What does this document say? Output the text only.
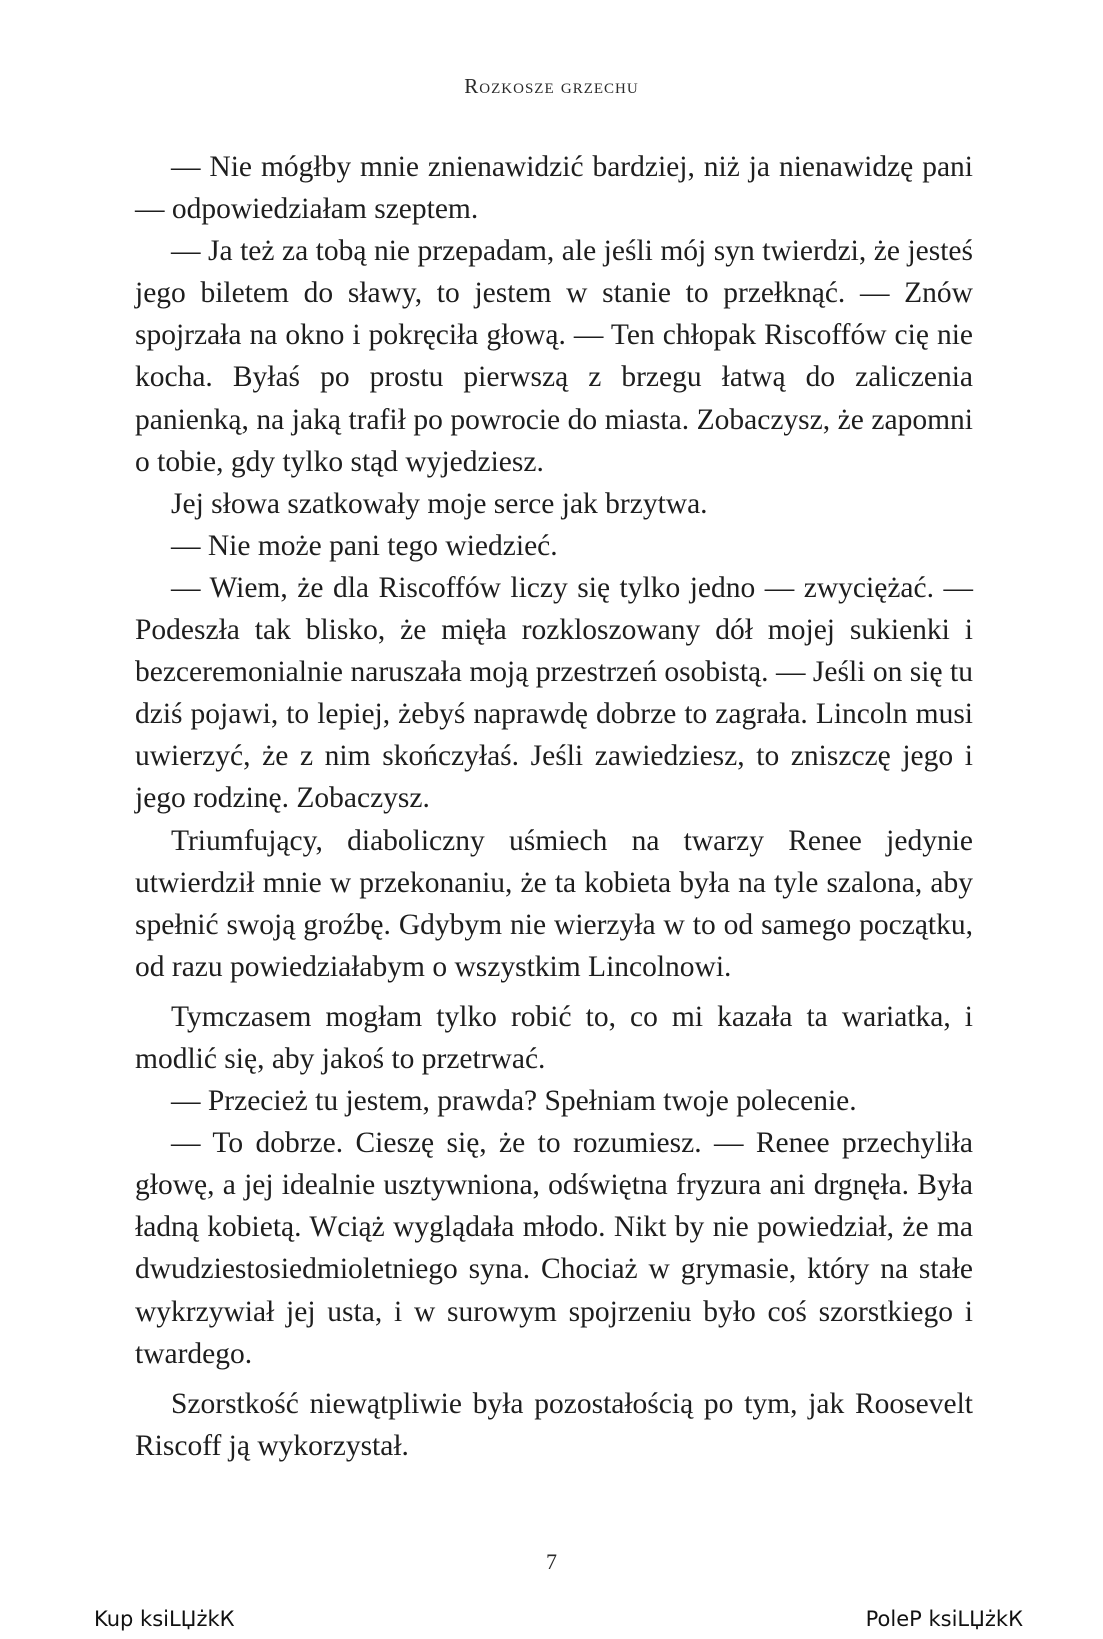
Rozkosze grzechu

— Nie mógłby mnie znienawidzić bardziej, niż ja nienawidzę pani — odpowiedziałam szeptem.

— Ja też za tobą nie przepadam, ale jeśli mój syn twierdzi, że jesteś jego biletem do sławy, to jestem w stanie to przełknąć. — Znów spojrzała na okno i pokręciła głową. — Ten chłopak Riscoffów cię nie kocha. Byłaś po prostu pierwszą z brzegu łatwą do zaliczenia panienką, na jaką trafił po powrocie do miasta. Zobaczysz, że zapomni o tobie, gdy tylko stąd wyjedziesz.

Jej słowa szatkowały moje serce jak brzytwa.

— Nie może pani tego wiedzieć.

— Wiem, że dla Riscoffów liczy się tylko jedno — zwyciężać. — Podeszła tak blisko, że mięła rozkloszowany dół mojej sukienki i bezceremonialnie naruszała moją przestrzeń osobistą. — Jeśli on się tu dziś pojawi, to lepiej, żebyś naprawdę dobrze to zagrała. Lincoln musi uwierzyć, że z nim skończyłaś. Jeśli zawiedziesz, to zniszczę jego i jego rodzinę. Zobaczysz.

Triumfujący, diaboliczny uśmiech na twarzy Renee jedynie utwierdził mnie w przekonaniu, że ta kobieta była na tyle szalona, aby spełnić swoją groźbę. Gdybym nie wierzyła w to od samego początku, od razu powiedziałabym o wszystkim Lincolnowi.

Tymczasem mogłam tylko robić to, co mi kazała ta wariatka, i modlić się, aby jakoś to przetrwać.

— Przecież tu jestem, prawda? Spełniam twoje polecenie.

— To dobrze. Cieszę się, że to rozumiesz. — Renee przechyliła głowę, a jej idealnie usztywniona, odświętna fryzura ani drgnęła. Była ładną kobietą. Wciąż wyglądała młodo. Nikt by nie powiedział, że ma dwudziestosiedmioletniego syna. Chociaż w grymasie, który na stałe wykrzywiał jej usta, i w surowym spojrzeniu było coś szorstkiego i twardego.

Szorstkość niewątpliwie była pozostałością po tym, jak Roosevelt Riscoff ją wykorzystał.

7
Kup ksiLЏżkК	PoleР ksiLЏżkК
